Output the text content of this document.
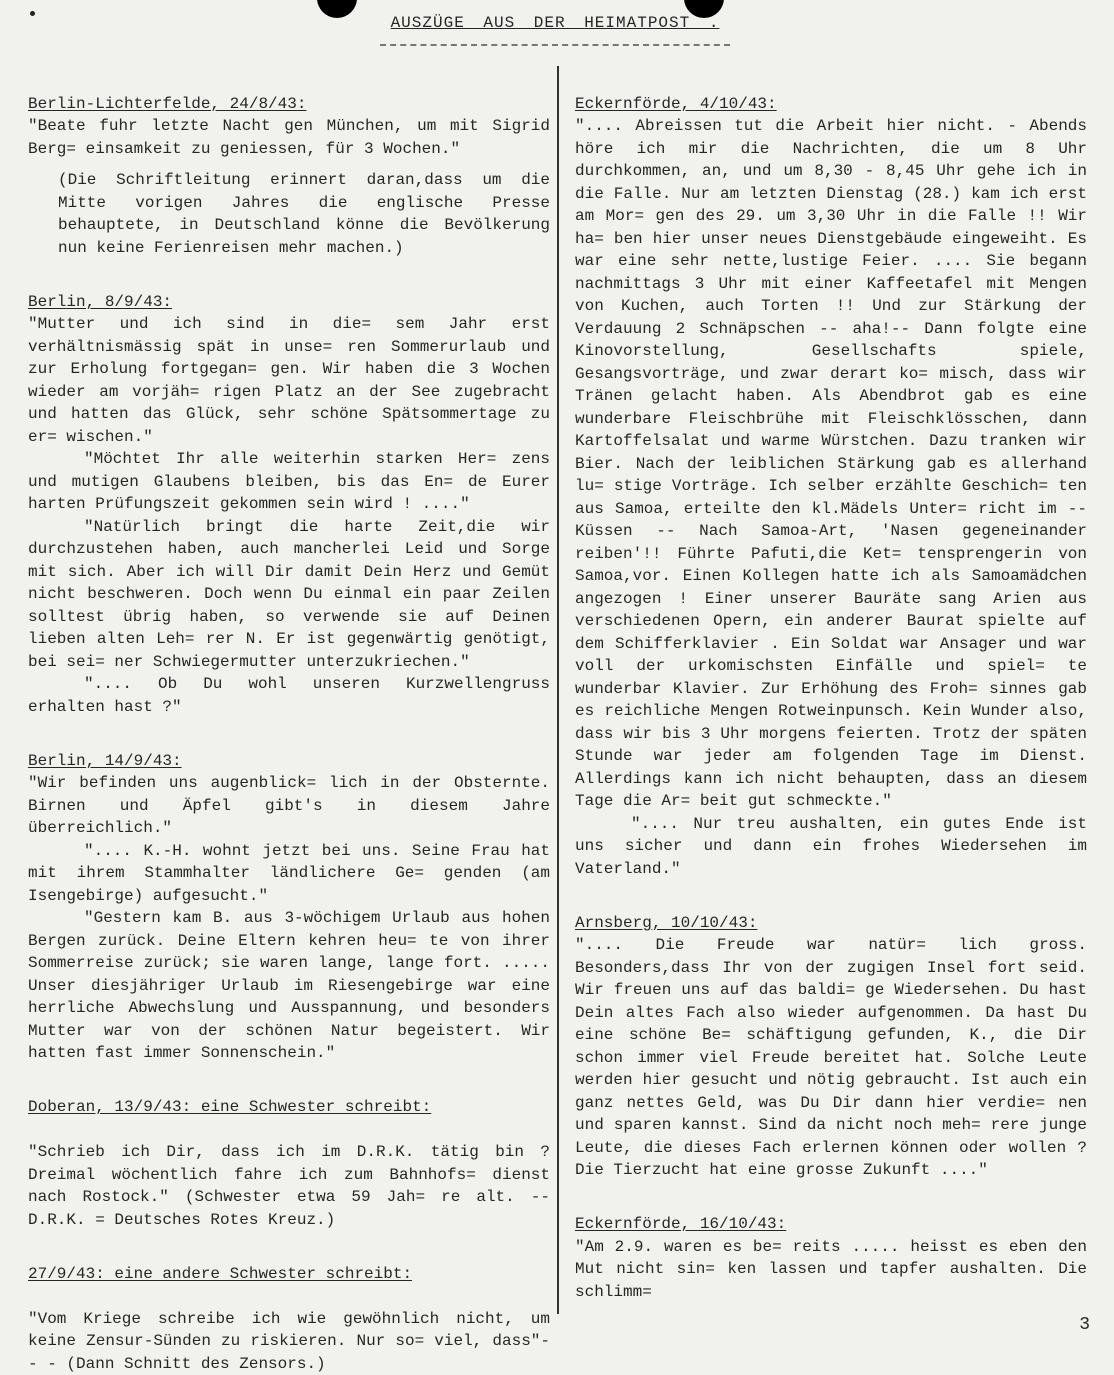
AUSZÜGE AUS DER HEIMATPOST .

Berlin-Lichterfelde, 24/8/43:
"Beate fuhr letzte Nacht gen München, um mit Sigrid Berg= einsamkeit zu geniessen, für 3 Wochen."

(Die Schriftleitung erinnert daran,dass um die Mitte vorigen Jahres die englische Presse behauptete, in Deutschland könne die Bevölkerung nun keine Ferienreisen mehr machen.)

Berlin, 8/9/43:
"Mutter und ich sind in die= sem Jahr erst verhältnismässig spät in unse= ren Sommerurlaub und zur Erholung fortgegan= gen. Wir haben die 3 Wochen wieder am vorjäh= rigen Platz an der See zugebracht und hatten das Glück, sehr schöne Spätsommertage zu er= wischen."

"Möchtet Ihr alle weiterhin starken Her= zens und mutigen Glaubens bleiben, bis das En= de Eurer harten Prüfungszeit gekommen sein wird ! ...."
"Natürlich bringt die harte Zeit,die wir durchzustehen haben, auch mancherlei Leid und Sorge mit sich. Aber ich will Dir damit Dein Herz und Gemüt nicht beschweren. Doch wenn Du einmal ein paar Zeilen solltest übrig haben, so verwende sie auf Deinen lieben alten Leh= rer N. Er ist gegenwärtig genötigt, bei sei= ner Schwiegermutter unterzukriechen."
".... Ob Du wohl unseren Kurzwellengruss erhalten hast ?"

Berlin, 14/9/43:
"Wir befinden uns augenblick= lich in der Obsternte. Birnen und Äpfel gibt's in diesem Jahre überreichlich."

".... K.-H. wohnt jetzt bei uns. Seine Frau hat mit ihrem Stammhalter ländlichere Ge= genden (am Isengebirge) aufgesucht."
"Gestern kam B. aus 3-wöchigem Urlaub aus hohen Bergen zurück. Deine Eltern kehren heu= te von ihrer Sommerreise zurück; sie waren lange, lange fort. ..... Unser diesjähriger Urlaub im Riesengebirge war eine herrliche Abwechslung und Ausspannung, und besonders Mutter war von der schönen Natur begeistert. Wir hatten fast immer Sonnenschein."

Doberan, 13/9/43: eine Schwester schreibt:

"Schrieb ich Dir, dass ich im D.R.K. tätig bin ? Dreimal wöchentlich fahre ich zum Bahnhofs= dienst nach Rostock." (Schwester etwa 59 Jah= re alt. -- D.R.K. = Deutsches Rotes Kreuz.)

27/9/43: eine andere Schwester schreibt:

"Vom Kriege schreibe ich wie gewöhnlich nicht, um keine Zensur-Sünden zu riskieren. Nur so= viel, dass"- - - (Dann Schnitt des Zensors.)

Eckernförde, 4/10/43:
".... Abreissen tut die Arbeit hier nicht. - Abends höre ich mir die Nachrichten, die um 8 Uhr durchkommen, an, und um 8,30 - 8,45 Uhr gehe ich in die Falle. Nur am letzten Dienstag (28.) kam ich erst am Mor= gen des 29. um 3,30 Uhr in die Falle !! Wir ha= ben hier unser neues Dienstgebäude eingeweiht. Es war eine sehr nette,lustige Feier. .... Sie begann nachmittags 3 Uhr mit einer Kaffeetafel mit Mengen von Kuchen, auch Torten !! Und zur Stärkung der Verdauung 2 Schnäpschen -- aha!-- Dann folgte eine Kinovorstellung, Gesellschafts spiele, Gesangsvorträge, und zwar derart ko= misch, dass wir Tränen gelacht haben. Als Abendbrot gab es eine wunderbare Fleischbrühe mit Fleischklösschen, dann Kartoffelsalat und warme Würstchen. Dazu tranken wir Bier. Nach der leiblichen Stärkung gab es allerhand lu= stige Vorträge. Ich selber erzählte Geschich= ten aus Samoa, erteilte den kl.Mädels Unter= richt im -- Küssen -- Nach Samoa-Art, 'Nasen gegeneinander reiben'!! Führte Pafuti,die Ket= tensprengerin von Samoa,vor. Einen Kollegen hatte ich als Samoamädchen angezogen ! Einer unserer Bauräte sang Arien aus verschiedenen Opern, ein anderer Baurat spielte auf dem Schifferklavier . Ein Soldat war Ansager und war voll der urkomischsten Einfälle und spiel= te wunderbar Klavier. Zur Erhöhung des Froh= sinnes gab es reichliche Mengen Rotweinpunsch. Kein Wunder also, dass wir bis 3 Uhr morgens feierten. Trotz der späten Stunde war jeder am folgenden Tage im Dienst. Allerdings kann ich nicht behaupten, dass an diesem Tage die Ar= beit gut schmeckte."

".... Nur treu aushalten, ein gutes Ende ist uns sicher und dann ein frohes Wiedersehen im Vaterland."

Arnsberg, 10/10/43:
".... Die Freude war natür= lich gross. Besonders,dass Ihr von der zugigen Insel fort seid. Wir freuen uns auf das baldi= ge Wiedersehen. Du hast Dein altes Fach also wieder aufgenommen. Da hast Du eine schöne Be= schäftigung gefunden, K., die Dir schon immer viel Freude bereitet hat. Solche Leute werden hier gesucht und nötig gebraucht. Ist auch ein ganz nettes Geld, was Du Dir dann hier verdie= nen und sparen kannst. Sind da nicht noch meh= rere junge Leute, die dieses Fach erlernen können oder wollen ? Die Tierzucht hat eine grosse Zukunft ...."

Eckernförde, 16/10/43:
"Am 2.9. waren es be= reits ..... heisst es eben den Mut nicht sin= ken lassen und tapfer aushalten. Die schlimm=

3
